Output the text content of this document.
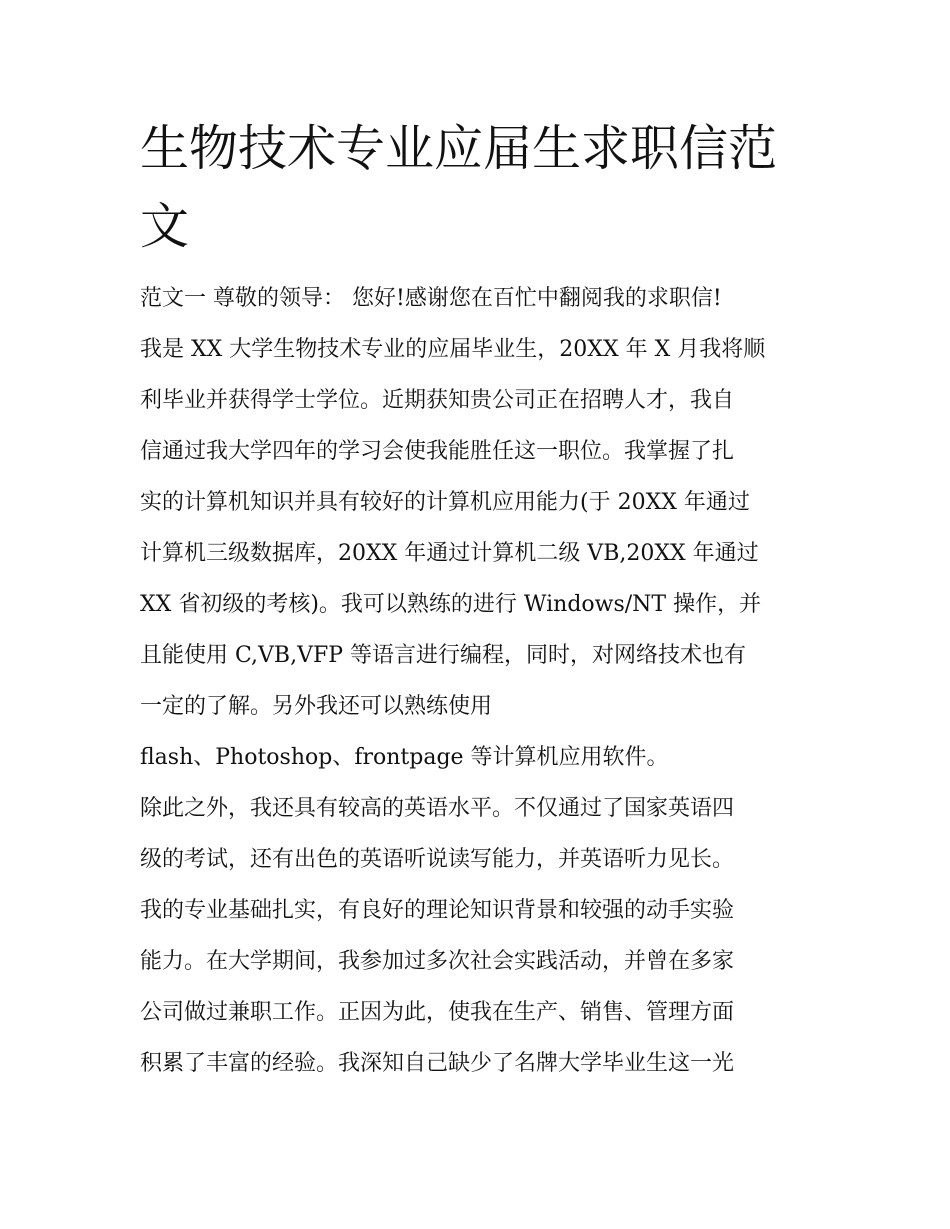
生物技术专业应届生求职信范文

范文一 尊敬的领导： 您好!感谢您在百忙中翻阅我的求职信!

我是 XX 大学生物技术专业的应届毕业生，20XX 年 X 月我将顺

利毕业并获得学士学位。近期获知贵公司正在招聘人才，我自

信通过我大学四年的学习会使我能胜任这一职位。我掌握了扎

实的计算机知识并具有较好的计算机应用能力(于 20XX 年通过

计算机三级数据库，20XX 年通过计算机二级 VB,20XX 年通过

XX 省初级的考核)。我可以熟练的进行 Windows/NT 操作，并

且能使用 C,VB,VFP 等语言进行编程，同时，对网络技术也有

一定的了解。另外我还可以熟练使用

flash、Photoshop、frontpage 等计算机应用软件。

除此之外，我还具有较高的英语水平。不仅通过了国家英语四

级的考试，还有出色的英语听说读写能力，并英语听力见长。

我的专业基础扎实，有良好的理论知识背景和较强的动手实验

能力。在大学期间，我参加过多次社会实践活动，并曾在多家

公司做过兼职工作。正因为此，使我在生产、销售、管理方面

积累了丰富的经验。我深知自己缺少了名牌大学毕业生这一光
